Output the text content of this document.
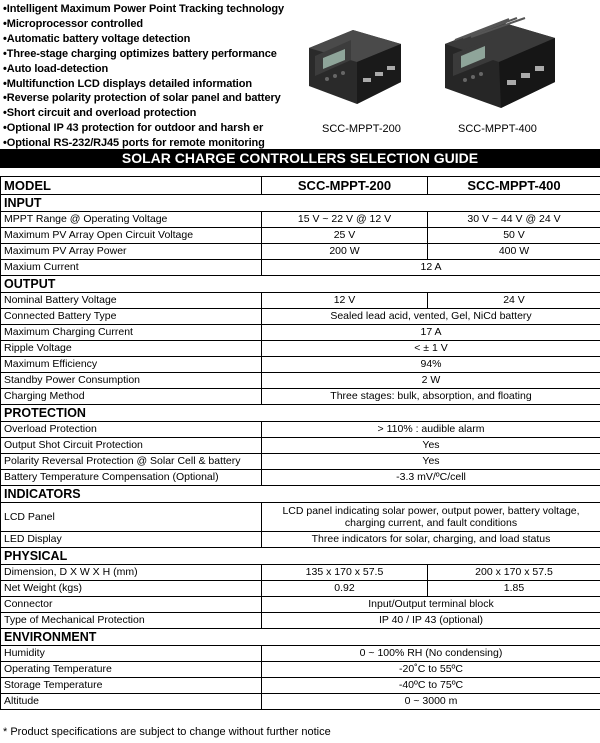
•Intelligent Maximum Power Point Tracking technology
•Microprocessor controlled
•Automatic battery voltage detection
•Three-stage charging optimizes battery performance
•Auto load-detection
•Multifunction LCD displays detailed information
•Reverse polarity protection of solar panel and battery
•Short circuit and overload protection
•Optional IP 43 protection for outdoor and harsh er
•Optional RS-232/RJ45 ports for remote monitoring
SCC-MPPT-200	SCC-MPPT-400
SOLAR CHARGE CONTROLLERS SELECTION GUIDE
MODEL	SCC-MPPT-200	SCC-MPPT-400
INPUT		
MPPT Range @ Operating Voltage	15 V ~ 22 V @ 12 V	30 V ~ 44 V @ 24 V
Maximum PV Array Open Circuit Voltage	25 V	50 V
Maximum PV Array Power	200 W	400 W
Maxium Current	12 A	
OUTPUT		
Nominal Battery Voltage	12 V	24 V
Connected Battery Type	Sealed lead acid, vented, Gel, NiCd battery	
Maximum Charging Current	17 A	
Ripple Voltage	< ± 1 V	
Maximum Efficiency	94%	
Standby Power Consumption	2 W	
Charging Method	Three stages: bulk, absorption, and floating	
PROTECTION		
Overload Protection	> 110% : audible alarm	
Output Shot Circuit Protection	Yes	
Polarity Reversal Protection @ Solar Cell & battery	Yes	
Battery Temperature Compensation (Optional)	-3.3 mV/ºC/cell	
INDICATORS		
LCD Panel	LCD panel indicating solar power, output power, battery voltage, charging current, and fault conditions	
LED Display	Three indicators for solar, charging, and load status	
PHYSICAL		
Dimension, D X W X H (mm)	135 x 170 x 57.5	200 x 170 x 57.5
Net Weight (kgs)	0.92	1.85
Connector	Input/Output terminal block	
Type of Mechanical Protection	IP 40 / IP 43 (optional)	
ENVIRONMENT		
Humidity	0 ~ 100% RH (No condensing)	
Operating Temperature	-20˚C to 55ºC	
Storage Temperature	-40ºC to 75ºC	
Altitude	0 ~ 3000 m	
* Product specifications are subject to change without further notice
